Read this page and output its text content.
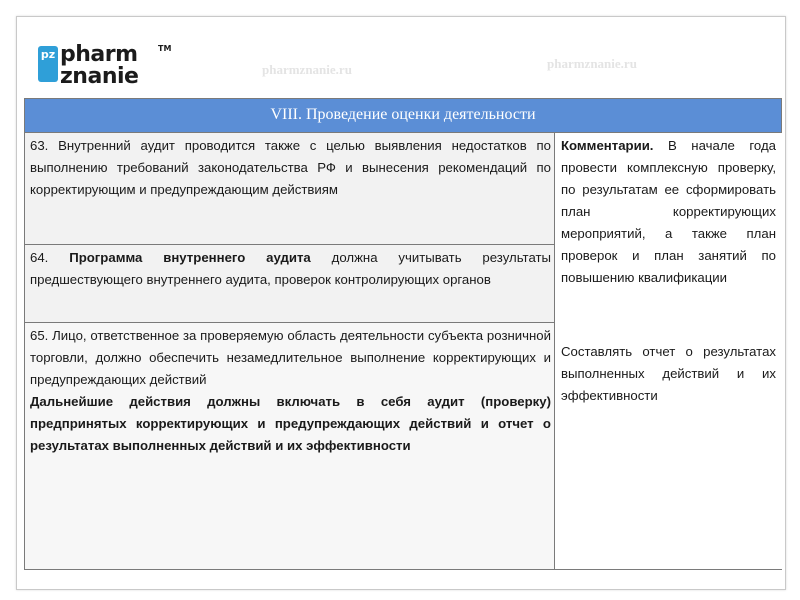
pz pharm
znanie
TM
pharmznanie.ru	pharmznanie.ru
VIII. Проведение оценки деятельности

63. Внутренний аудит проводится также с целью выявления недостатков по выполнению требований законодательства РФ и вынесения рекомендаций по корректирующим и предупреждающим действиям

64. Программа внутреннего аудита должна учитывать результаты предшествующего внутреннего аудита, проверок контролирующих органов

65. Лицо, ответственное за проверяемую область деятельности субъекта розничной торговли, должно обеспечить незамедлительное выполнение корректирующих и предупреждающих действий

Дальнейшие действия должны включать в себя аудит (проверку) предпринятых корректирующих и предупреждающих действий и отчет о результатах выполненных действий и их эффективности

Комментарии. В начале года провести комплексную проверку, по результатам ее сформировать план корректирующих мероприятий, а также план проверок и план занятий по повышению квалификации

Составлять отчет о результатах выполненных действий и их эффективности
